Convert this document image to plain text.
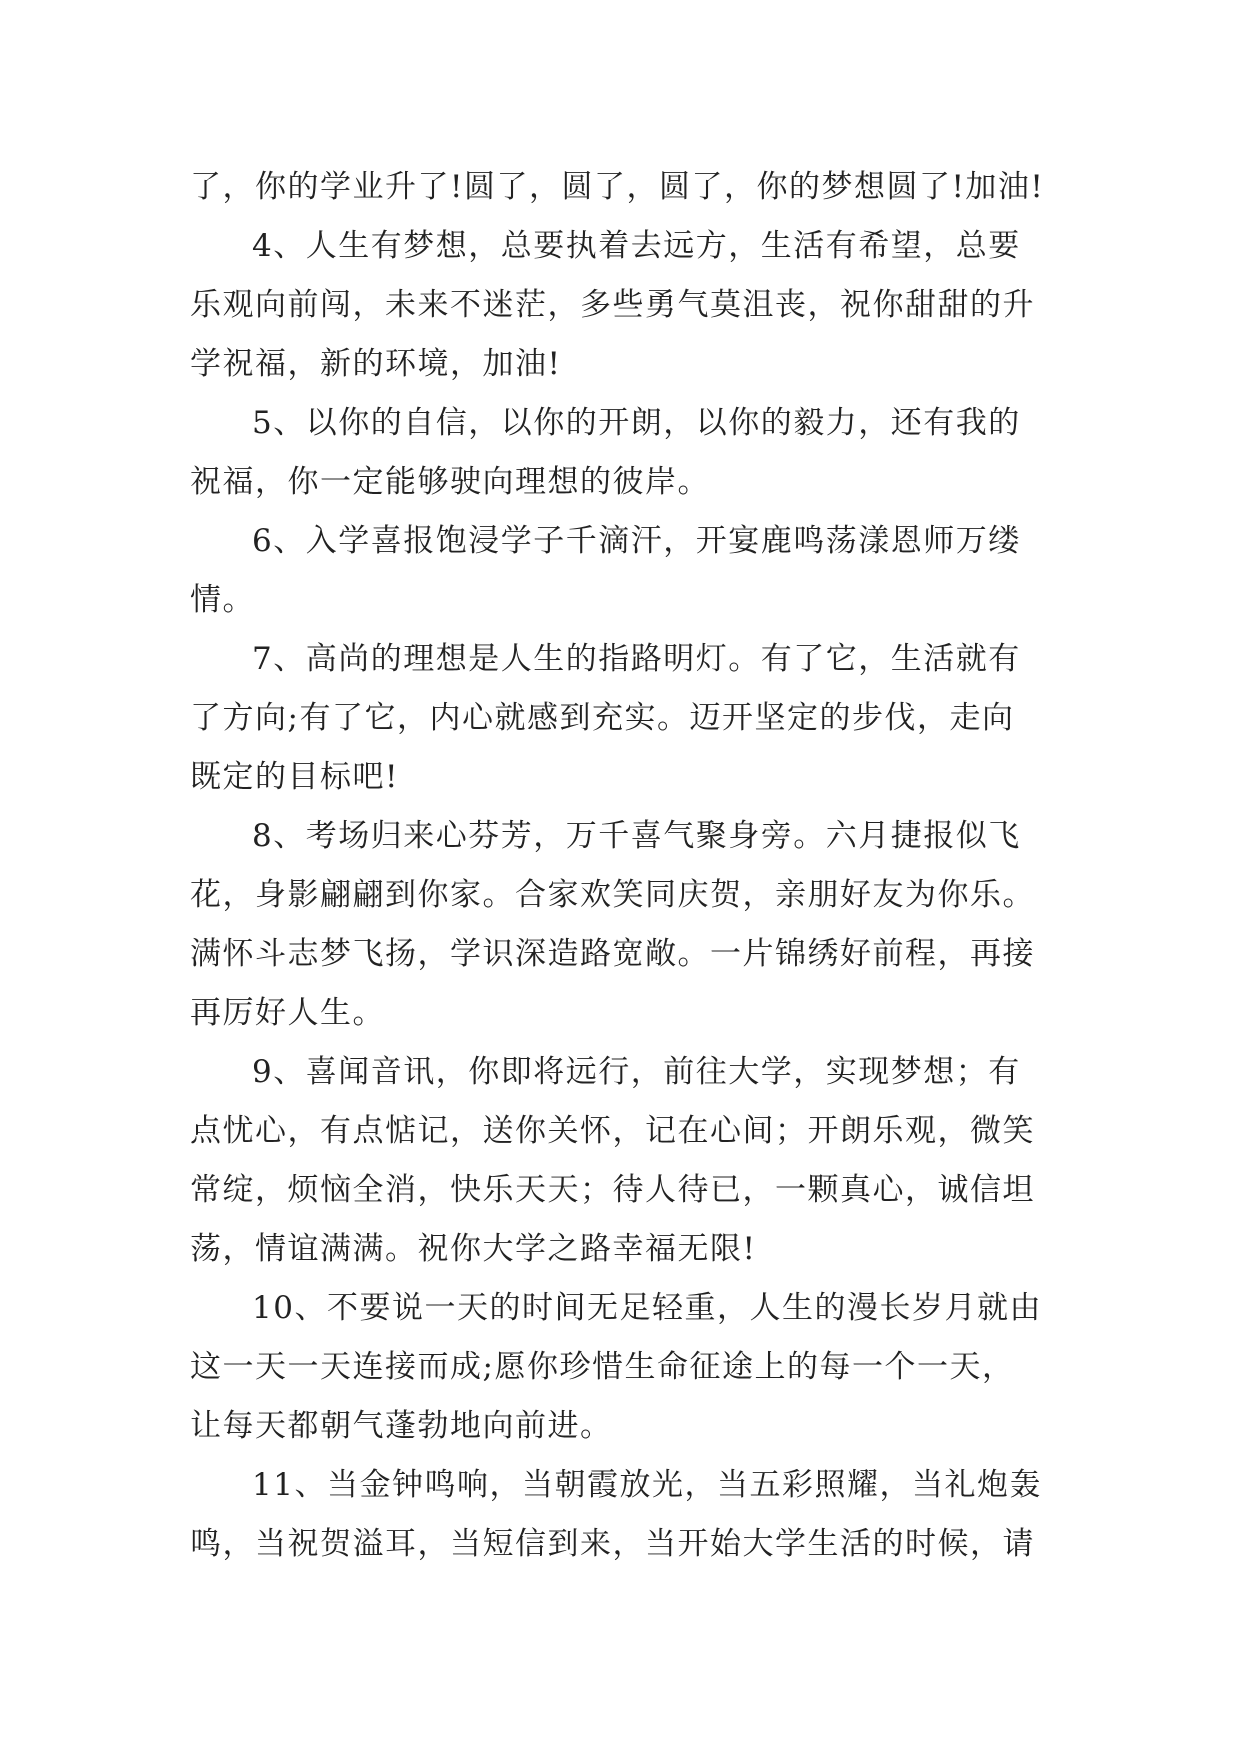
了，你的学业升了!圆了，圆了，圆了，你的梦想圆了!加油!
4、人生有梦想，总要执着去远方，生活有希望，总要
乐观向前闯，未来不迷茫，多些勇气莫沮丧，祝你甜甜的升
学祝福，新的环境，加油!
5、以你的自信，以你的开朗，以你的毅力，还有我的
祝福，你一定能够驶向理想的彼岸。
6、入学喜报饱浸学子千滴汗，开宴鹿鸣荡漾恩师万缕
情。
7、高尚的理想是人生的指路明灯。有了它，生活就有
了方向;有了它，内心就感到充实。迈开坚定的步伐，走向
既定的目标吧!
8、考场归来心芬芳，万千喜气聚身旁。六月捷报似飞
花，身影翩翩到你家。合家欢笑同庆贺，亲朋好友为你乐。
满怀斗志梦飞扬，学识深造路宽敞。一片锦绣好前程，再接
再厉好人生。
9、喜闻音讯，你即将远行，前往大学，实现梦想；有
点忧心，有点惦记，送你关怀，记在心间；开朗乐观，微笑
常绽，烦恼全消，快乐天天；待人待已，一颗真心，诚信坦
荡，情谊满满。祝你大学之路幸福无限!
10、不要说一天的时间无足轻重，人生的漫长岁月就由
这一天一天连接而成;愿你珍惜生命征途上的每一个一天，
让每天都朝气蓬勃地向前进。
11、当金钟鸣响，当朝霞放光，当五彩照耀，当礼炮轰
鸣，当祝贺溢耳，当短信到来，当开始大学生活的时候，请
